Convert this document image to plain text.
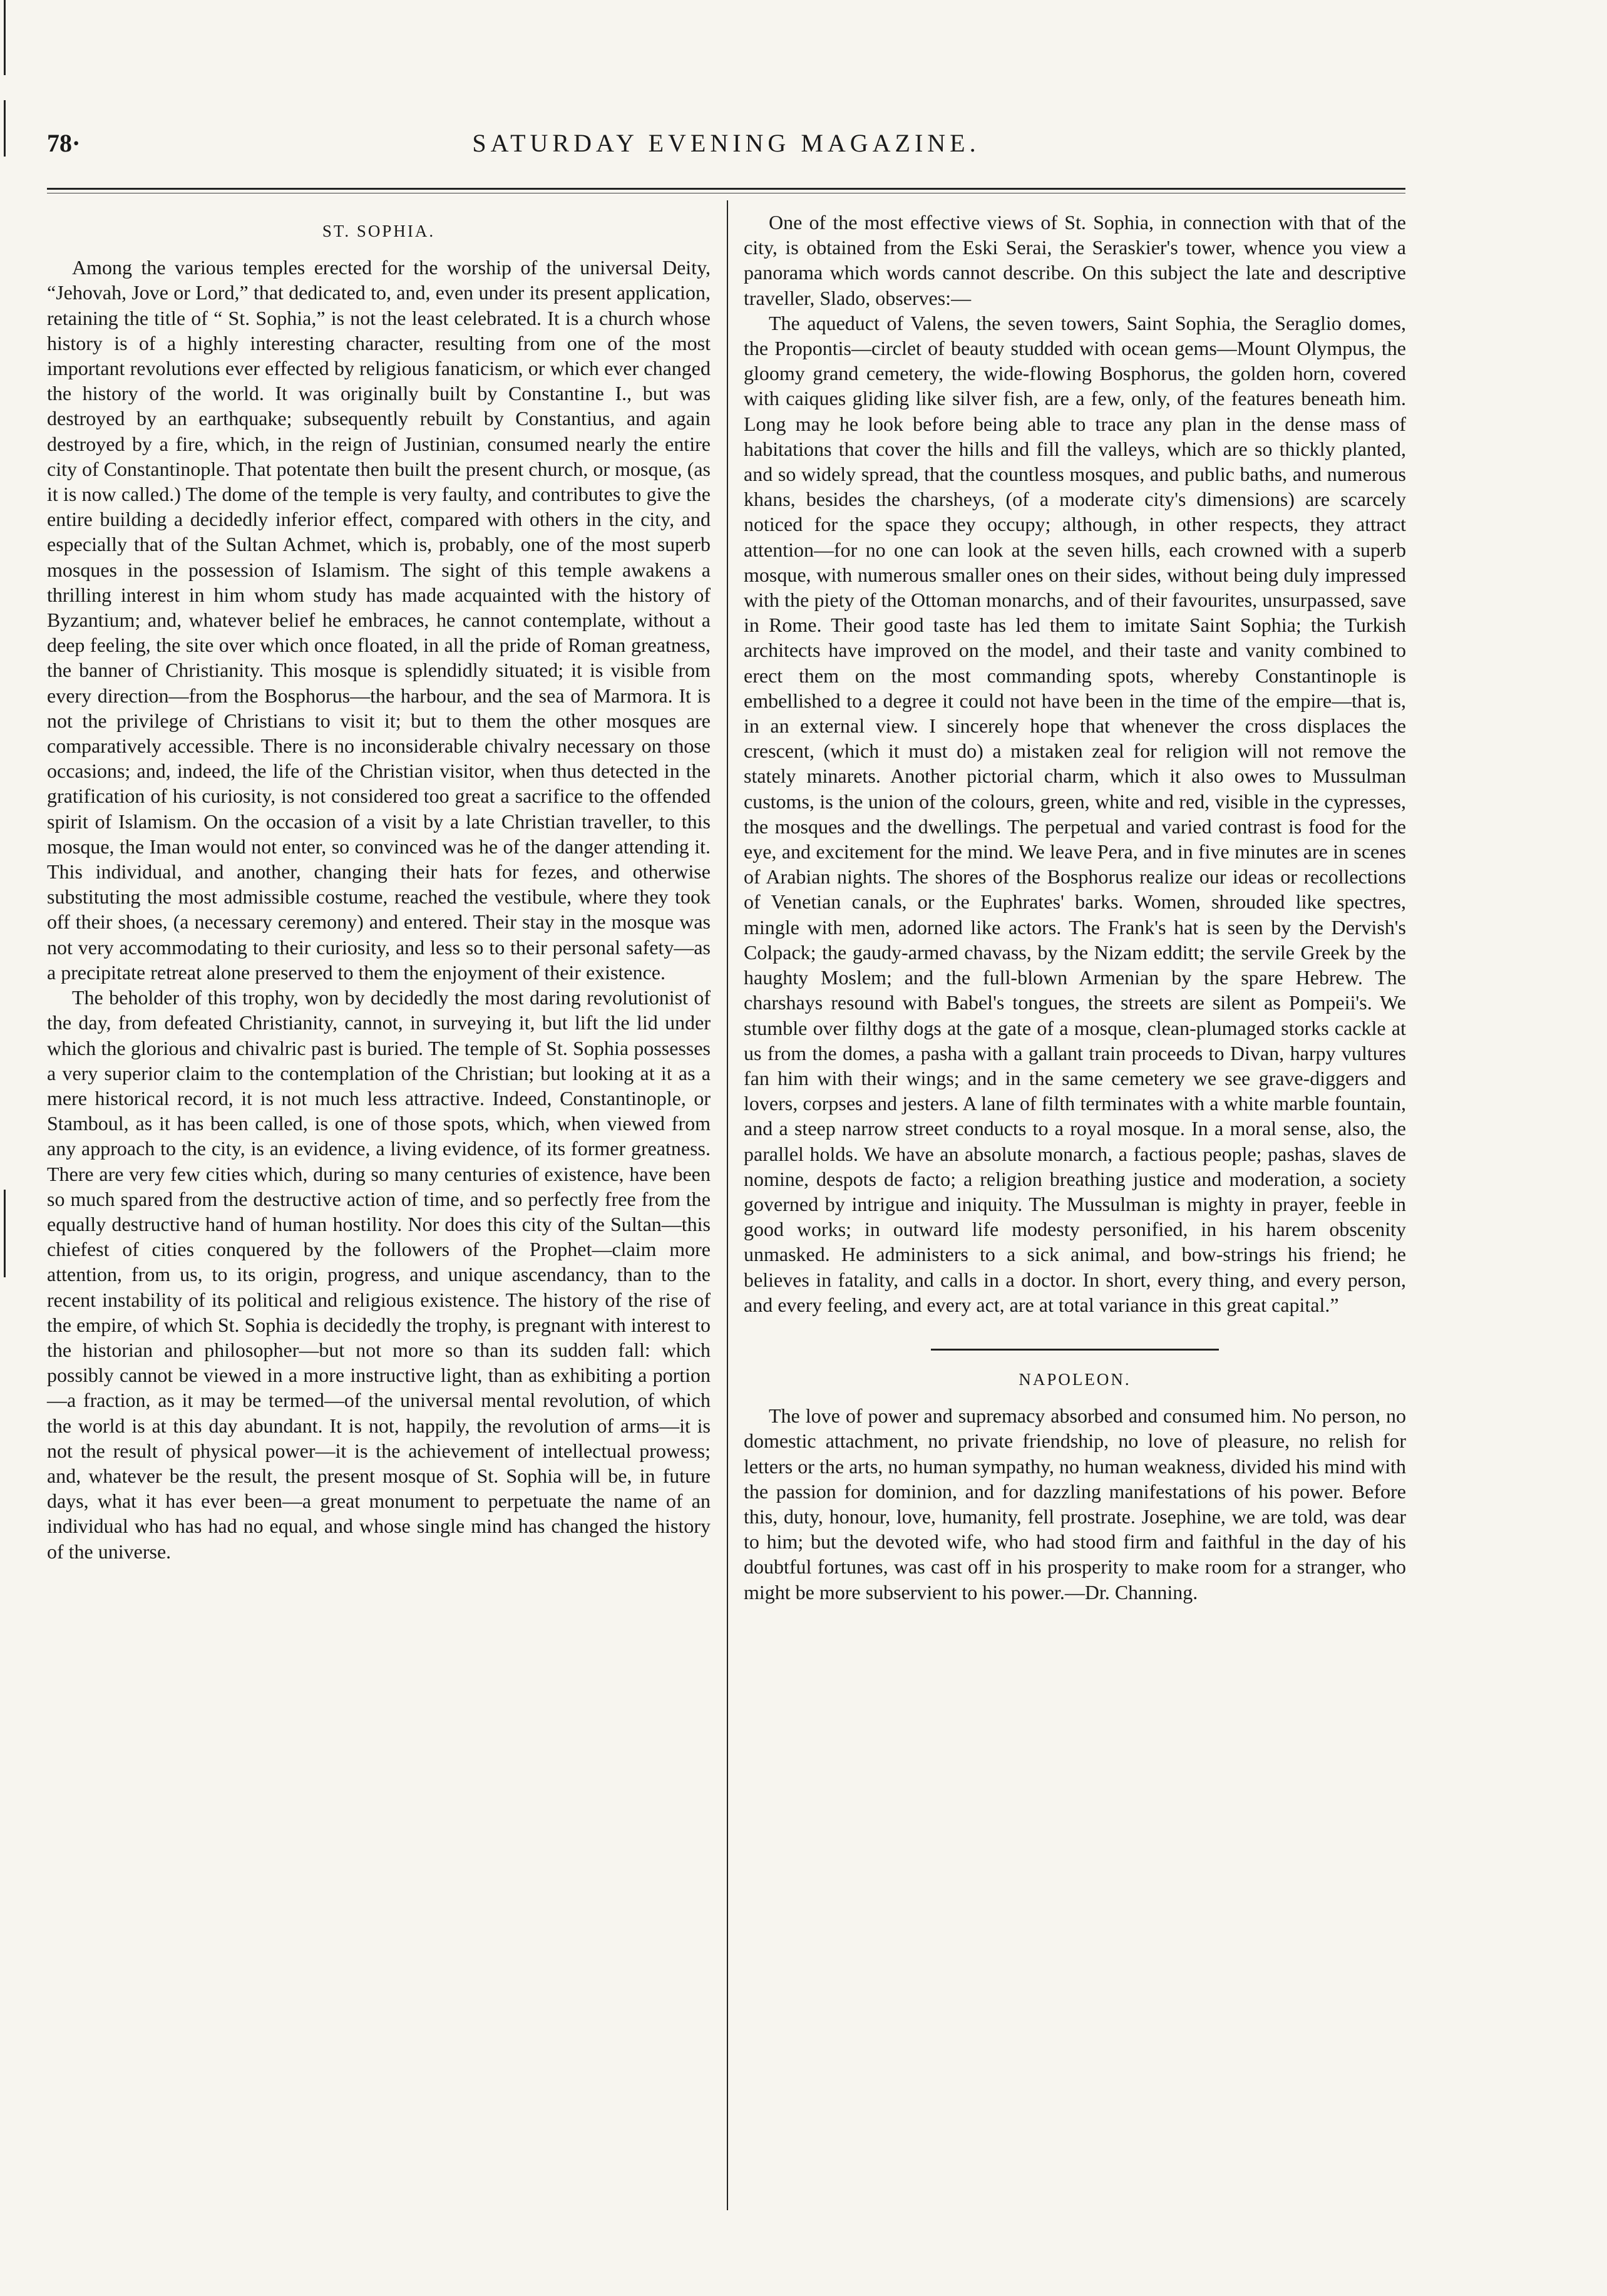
78·	SATURDAY EVENING MAGAZINE.
ST. SOPHIA.

Among the various temples erected for the worship of the universal Deity, “Jehovah, Jove or Lord,” that dedicated to, and, even under its present application, retaining the title of “ St. Sophia,” is not the least celebrated. It is a church whose history is of a highly interesting character, resulting from one of the most important revolutions ever effected by religious fanaticism, or which ever changed the history of the world. It was originally built by Constantine I., but was destroyed by an earthquake; subsequently rebuilt by Constantius, and again destroyed by a fire, which, in the reign of Justinian, consumed nearly the entire city of Constantinople. That potentate then built the present church, or mosque, (as it is now called.) The dome of the temple is very faulty, and contributes to give the entire building a decidedly inferior effect, compared with others in the city, and especially that of the Sultan Achmet, which is, probably, one of the most superb mosques in the possession of Islamism. The sight of this temple awakens a thrilling interest in him whom study has made acquainted with the history of Byzantium; and, whatever belief he embraces, he cannot contemplate, without a deep feeling, the site over which once floated, in all the pride of Roman greatness, the banner of Christianity. This mosque is splendidly situated; it is visible from every direction—from the Bosphorus—the harbour, and the sea of Marmora. It is not the privilege of Christians to visit it; but to them the other mosques are comparatively accessible. There is no inconsiderable chivalry necessary on those occasions; and, indeed, the life of the Christian visitor, when thus detected in the gratification of his curiosity, is not considered too great a sacrifice to the offended spirit of Islamism. On the occasion of a visit by a late Christian traveller, to this mosque, the Iman would not enter, so convinced was he of the danger attending it. This individual, and another, changing their hats for fezes, and otherwise substituting the most admissible costume, reached the vestibule, where they took off their shoes, (a necessary ceremony) and entered. Their stay in the mosque was not very accommodating to their curiosity, and less so to their personal safety—as a precipitate retreat alone preserved to them the enjoyment of their existence.

The beholder of this trophy, won by decidedly the most daring revolutionist of the day, from defeated Christianity, cannot, in surveying it, but lift the lid under which the glorious and chivalric past is buried. The temple of St. Sophia possesses a very superior claim to the contemplation of the Christian; but looking at it as a mere historical record, it is not much less attractive. Indeed, Constantinople, or Stamboul, as it has been called, is one of those spots, which, when viewed from any approach to the city, is an evidence, a living evidence, of its former greatness. There are very few cities which, during so many centuries of existence, have been so much spared from the destructive action of time, and so perfectly free from the equally destructive hand of human hostility. Nor does this city of the Sultan—this chiefest of cities conquered by the followers of the Prophet—claim more attention, from us, to its origin, progress, and unique ascendancy, than to the recent instability of its political and religious existence. The history of the rise of the empire, of which St. Sophia is decidedly the trophy, is pregnant with interest to the historian and philosopher—but not more so than its sudden fall: which possibly cannot be viewed in a more instructive light, than as exhibiting a portion—a fraction, as it may be termed—of the universal mental revolution, of which the world is at this day abundant. It is not, happily, the revolution of arms—it is not the result of physical power—it is the achievement of intellectual prowess; and, whatever be the result, the present mosque of St. Sophia will be, in future days, what it has ever been—a great monument to perpetuate the name of an individual who has had no equal, and whose single mind has changed the history of the universe.

One of the most effective views of St. Sophia, in connection with that of the city, is obtained from the Eski Serai, the Seraskier's tower, whence you view a panorama which words cannot describe. On this subject the late and descriptive traveller, Slado, observes:—

The aqueduct of Valens, the seven towers, Saint Sophia, the Seraglio domes, the Propontis—circlet of beauty studded with ocean gems—Mount Olympus, the gloomy grand cemetery, the wide-flowing Bosphorus, the golden horn, covered with caiques gliding like silver fish, are a few, only, of the features beneath him. Long may he look before being able to trace any plan in the dense mass of habitations that cover the hills and fill the valleys, which are so thickly planted, and so widely spread, that the countless mosques, and public baths, and numerous khans, besides the charsheys, (of a moderate city's dimensions) are scarcely noticed for the space they occupy; although, in other respects, they attract attention—for no one can look at the seven hills, each crowned with a superb mosque, with numerous smaller ones on their sides, without being duly impressed with the piety of the Ottoman monarchs, and of their favourites, unsurpassed, save in Rome. Their good taste has led them to imitate Saint Sophia; the Turkish architects have improved on the model, and their taste and vanity combined to erect them on the most commanding spots, whereby Constantinople is embellished to a degree it could not have been in the time of the empire—that is, in an external view. I sincerely hope that whenever the cross displaces the crescent, (which it must do) a mistaken zeal for religion will not remove the stately minarets. Another pictorial charm, which it also owes to Mussulman customs, is the union of the colours, green, white and red, visible in the cypresses, the mosques and the dwellings. The perpetual and varied contrast is food for the eye, and excitement for the mind. We leave Pera, and in five minutes are in scenes of Arabian nights. The shores of the Bosphorus realize our ideas or recollections of Venetian canals, or the Euphrates' barks. Women, shrouded like spectres, mingle with men, adorned like actors. The Frank's hat is seen by the Dervish's Colpack; the gaudy-armed chavass, by the Nizam edditt; the servile Greek by the haughty Moslem; and the full-blown Armenian by the spare Hebrew. The charshays resound with Babel's tongues, the streets are silent as Pompeii's. We stumble over filthy dogs at the gate of a mosque, clean-plumaged storks cackle at us from the domes, a pasha with a gallant train proceeds to Divan, harpy vultures fan him with their wings; and in the same cemetery we see grave-diggers and lovers, corpses and jesters. A lane of filth terminates with a white marble fountain, and a steep narrow street conducts to a royal mosque. In a moral sense, also, the parallel holds. We have an absolute monarch, a factious people; pashas, slaves de nomine, despots de facto; a religion breathing justice and moderation, a society governed by intrigue and iniquity. The Mussulman is mighty in prayer, feeble in good works; in outward life modesty personified, in his harem obscenity unmasked. He administers to a sick animal, and bow-strings his friend; he believes in fatality, and calls in a doctor. In short, every thing, and every person, and every feeling, and every act, are at total variance in this great capital.”

NAPOLEON.

The love of power and supremacy absorbed and consumed him. No person, no domestic attachment, no private friendship, no love of pleasure, no relish for letters or the arts, no human sympathy, no human weakness, divided his mind with the passion for dominion, and for dazzling manifestations of his power. Before this, duty, honour, love, humanity, fell prostrate. Josephine, we are told, was dear to him; but the devoted wife, who had stood firm and faithful in the day of his doubtful fortunes, was cast off in his prosperity to make room for a stranger, who might be more subservient to his power.—Dr. Channing.
